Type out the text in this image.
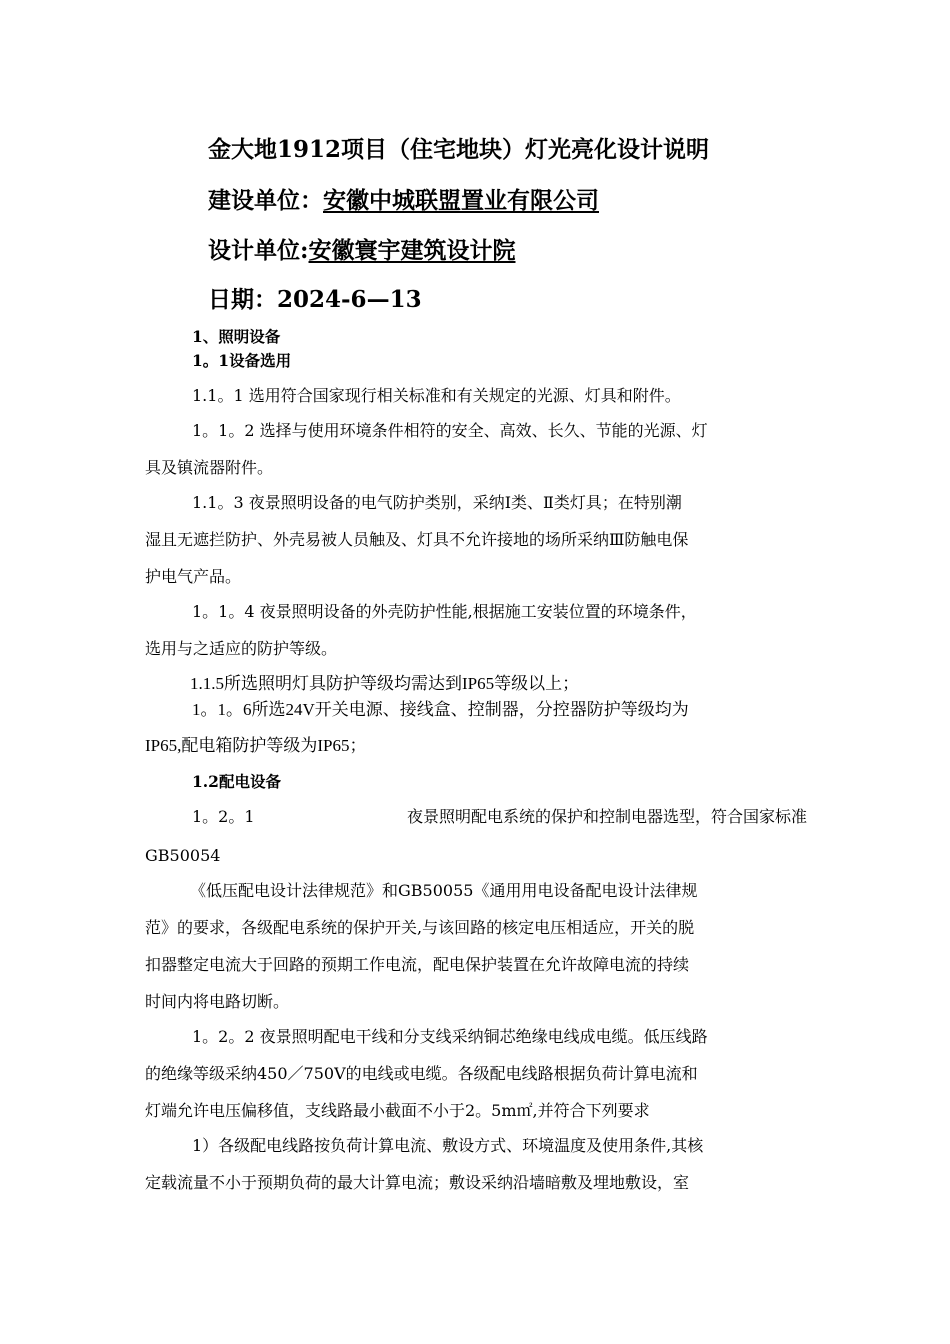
金大地1912项目（住宅地块）灯光亮化设计说明
建设单位：安徽中城联盟置业有限公司
设计单位:安徽寰宇建筑设计院
日期：2024-6—13
1、照明设备
1。1设备选用
1.1。1 选用符合国家现行相关标准和有关规定的光源、灯具和附件。
1。1。2 选择与使用环境条件相符的安全、高效、长久、节能的光源、灯
具及镇流器附件。
1.1。3 夜景照明设备的电气防护类别，采纳Ⅰ类、Ⅱ类灯具；在特别潮
湿且无遮拦防护、外壳易被人员触及、灯具不允许接地的场所采纳Ⅲ防触电保
护电气产品。
1。1。4 夜景照明设备的外壳防护性能,根据施工安装位置的环境条件，
选用与之适应的防护等级。
1.1.5所选照明灯具防护等级均需达到IP65等级以上；
1。1。6所选24V开关电源、接线盒、控制器，分控器防护等级均为
IP65,配电箱防护等级为IP65；
1.2配电设备
1。2。1	夜景照明配电系统的保护和控制电器选型，符合国家标准
GB50054
《低压配电设计法律规范》和GB50055《通用用电设备配电设计法律规
范》的要求，各级配电系统的保护开关,与该回路的核定电压相适应，开关的脱
扣器整定电流大于回路的预期工作电流，配电保护装置在允许故障电流的持续
时间内将电路切断。
1。2。2 夜景照明配电干线和分支线采纳铜芯绝缘电线成电缆。低压线路
的绝缘等级采纳450／750V的电线或电缆。各级配电线路根据负荷计算电流和
灯端允许电压偏移值，支线路最小截面不小于2。5m㎡,并符合下列要求
1）各级配电线路按负荷计算电流、敷设方式、环境温度及使用条件,其核
定载流量不小于预期负荷的最大计算电流；敷设采纳沿墙暗敷及埋地敷设，室
